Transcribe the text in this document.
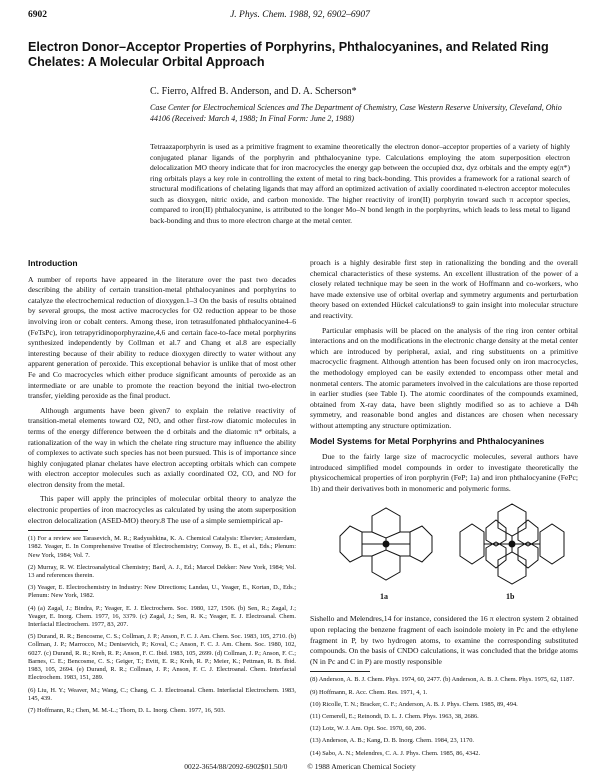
6902	J. Phys. Chem. 1988, 92, 6902–6907
Electron Donor–Acceptor Properties of Porphyrins, Phthalocyanines, and Related Ring Chelates: A Molecular Orbital Approach
C. Fierro, Alfred B. Anderson, and D. A. Scherson*
Case Center for Electrochemical Sciences and The Department of Chemistry, Case Western Reserve University, Cleveland, Ohio 44106 (Received: March 4, 1988; In Final Form: June 2, 1988)
Tetraazaporphyrin is used as a primitive fragment to examine theoretically the electron donor–acceptor properties of a variety of highly conjugated planar ligands of the porphyrin and phthalocyanine type. Calculations employing the atom superposition electron delocalization MO theory indicate that for iron macrocycles the energy gap between the occupied dxz, dyz orbitals and the empty eg(π*) ring orbitals plays a key role in controlling the extent of metal to ring back-bonding. This provides a framework for a rational search of structural modifications of chelating ligands that may afford an optimized activation of axially coordinated π-electron acceptor molecules such as dioxygen, nitric oxide, and carbon monoxide. The higher reactivity of iron(II) porphyrin toward such π acceptor species, compared to iron(II) phthalocyanine, is attributed to the longer Mo–N bond length in the porphyrins, which leads to less metal to ligand back-bonding and thus to more electron charge at the metal center.
Introduction

A number of reports have appeared in the literature over the past two decades describing the ability of certain transition-metal phthalocyanines and porphyrins to catalyze the electrochemical reduction of dioxygen.1–3 On the basis of results obtained by several groups, the most active macrocycles for O2 reduction appear to be those involving iron or cobalt centers. Among these, iron tetrasulfonated phthalocyanine4–6 (FeTsPc), iron tetrapyridinoporphyrazine,4,6 and certain face-to-face metal porphyrins synthesized independently by Collman et al.7 and Chang et al.8 are especially interesting because of their ability to reduce dioxygen directly to water without any apparent generation of peroxide. This exceptional behavior is unlike that of most other Fe and Co macrocycles which either produce significant amounts of peroxide as an intermediate or are unable to promote the reaction beyond the initial two-electron transfer, yielding peroxide as the final product.

Although arguments have been given7 to explain the relative reactivity of transition-metal elements toward O2, NO, and other first-row diatomic molecules in terms of the energy difference between the d orbitals and the diatomic π* orbitals, a rationalization of the way in which the chelate ring structure may influence the ability of complexes to activate such species has not been pursued. This is of importance since highly conjugated planar chelates have electron accepting orbitals which can compete with electron acceptor molecules such as axially coordinated O2, CO, and NO for electron density from the metal.

This paper will apply the principles of molecular orbital theory to analyze the electronic properties of iron macrocycles as calculated by using the atom superposition electron delocalization (ASED-MO) theory.8 The use of a simple semiempirical ap-

(1) For a review see Tarasevich, M. R.; Radyushkina, K. A. Chemical Catalysis: Elsevier; Amsterdam, 1982. Yeager, E. In Comprehensive Treatise of Electrochemistry; Conway, B. E., et al., Eds.; Plenum: New York, 1984; Vol. 7.

(2) Murray, R. W. Electroanalytical Chemistry; Bard, A. J., Ed.; Marcel Dekker: New York, 1984; Vol. 13 and references therein.

(3) Yeager, E. Electrochemistry in Industry: New Directions; Landau, U., Yeager, E., Kortan, D., Eds.; Plenum: New York, 1982.

(4) (a) Zagal, J.; Bindra, P.; Yeager, E. J. Electrochem. Soc. 1980, 127, 1506. (b) Sen, R.; Zagal, J.; Yeager, E. Inorg. Chem. 1977, 16, 3379. (c) Zagal, J.; Sen, R. K.; Yeager, E. J. Electroanal. Chem. Interfacial Electrochem. 1977, 83, 207.

(5) Durand, R. R.; Bencosme, C. S.; Collman, J. P.; Anson, F. C. J. Am. Chem. Soc. 1983, 105, 2710. (b) Collman, J. P.; Marrocco, M.; Denisevich, P.; Koval, C.; Anson, F. C. J. Am. Chem. Soc. 1980, 102, 6027. (c) Durand, R. R.; Kreh, R. P.; Anson, F. C. Ibid. 1983, 105, 2699. (d) Collman, J. P.; Anson, F. C.; Barnes, C. E.; Bencosme, C. S.; Geiger, T.; Evitt, E. R.; Kreh, R. P.; Meier, K.; Pettman, R. B. Ibid. 1983, 105, 2694. (e) Durand, R. R.; Collman, J. P.; Anson, F. C. J. Electroanal. Chem. Interfacial Electrochem. 1983, 151, 289.

(6) Liu, H. Y.; Weaver, M.; Wang, C.; Chang, C. J. Electroanal. Chem. Interfacial Electrochem. 1983, 145, 439.

(7) Hoffmann, R.; Chen, M. M.-L.; Thorn, D. L. Inorg. Chem. 1977, 16, 503.

proach is a highly desirable first step in rationalizing the bonding and the overall chemical characteristics of these systems. An excellent illustration of the power of a closely related technique may be seen in the work of Hoffmann and co-workers, who have made extensive use of orbital overlap and symmetry arguments and perturbation theory based on extended Hückel calculations9 to gain insight into molecular structure and reactivity.

Particular emphasis will be placed on the analysis of the ring iron center orbital interactions and on the modifications in the electronic charge density at the metal center which are introduced by peripheral, axial, and ring substituents on a primitive macrocyclic fragment. Although attention has been focused only on iron macrocycles, the methodology employed can be easily extended to encompass other metal and nonmetal centers. The atomic parameters involved in the calculations are those reported in earlier studies (see Table I). The atomic coordinates of the compounds examined, obtained from X-ray data, have been slightly modified so as to achieve a D4h symmetry, and reasonable bond angles and distances are chosen when necessary without attempting any structure optimization.

Model Systems for Metal Porphyrins and Phthalocyanines

Due to the fairly large size of macrocyclic molecules, several authors have introduced simplified model compounds in order to investigate theoretically the physicochemical properties of iron porphyrin (FeP; 1a) and iron phthalocyanine (FePc; 1b) and their derivatives both in monomeric and polymeric forms.

1a	1b

Sishello and Melendres,14 for instance, considered the 16 π electron system 2 obtained upon replacing the benzene fragment of each isoindole moiety in Pc and the ethylene fragment in P, by two hydrogen atoms, to examine the corresponding substituted compounds. On the basis of CNDO calculations, it was concluded that the bridge atoms (N in Pc and C in P) are mostly responsible

(8) Anderson, A. B. J. Chem. Phys. 1974, 60, 2477. (b) Anderson, A. B. J. Chem. Phys. 1975, 62, 1187.

(9) Hoffmann, R. Acc. Chem. Res. 1971, 4, 1.

(10) Ricolle, T. N.; Bracker, C. F.; Anderson, A. B. J. Phys. Chem. 1985, 89, 494.

(11) Cemerell, E.; Reinondi, D. L. J. Chem. Phys. 1963, 38, 2686.

(12) Lotz, W. J. Am. Opt. Soc. 1970, 60, 206.

(13) Anderson, A. B.; Kang, D. B. Inorg. Chem. 1984, 23, 1170.

(14) Sabo, A. N.; Melendres, C. A. J. Phys. Chem. 1985, 86, 4342.

0022-3654/88/2092-6902$01.50/0	© 1988 American Chemical Society
